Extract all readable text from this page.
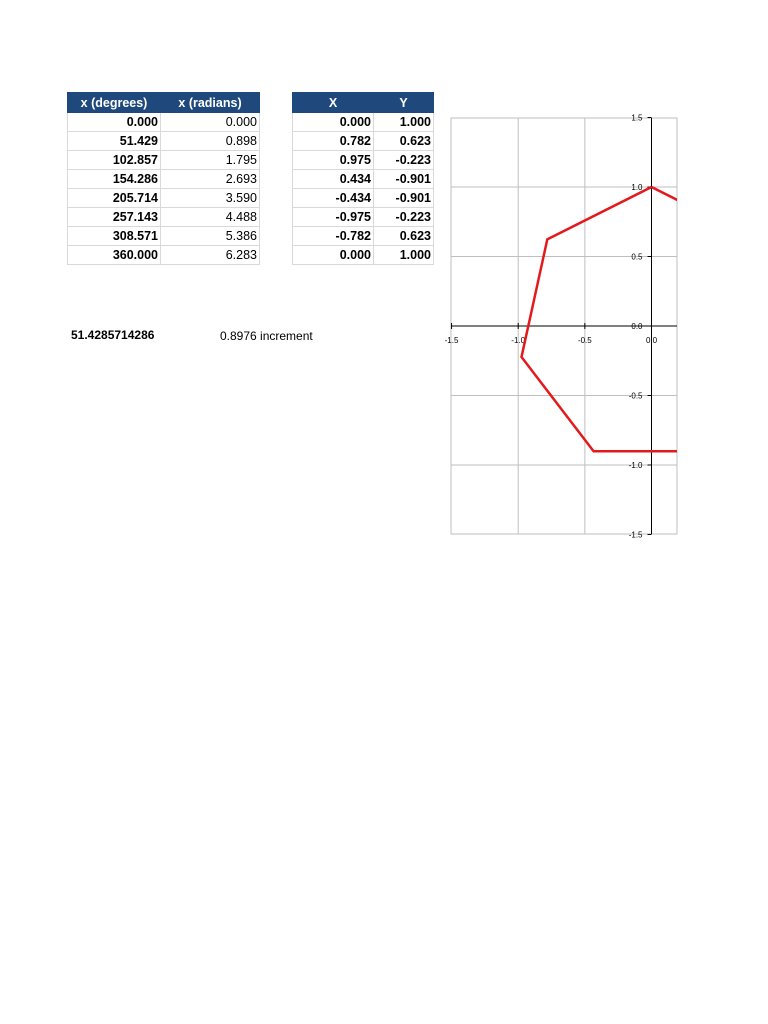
x (degrees)	x (radians)
0.000	0.000
51.429	0.898
102.857	1.795
154.286	2.693
205.714	3.590
257.143	4.488
308.571	5.386
360.000	6.283
X	Y
0.000	1.000
0.782	0.623
0.975	-0.223
0.434	-0.901
-0.434	-0.901
-0.975	-0.223
-0.782	0.623
0.000	1.000
51.4285714286	0.8976 increment	-1.5	-1.0	-0.5	0.0
1.5
1.0
0.5
0.0
-0.5
-1.0
-1.5
